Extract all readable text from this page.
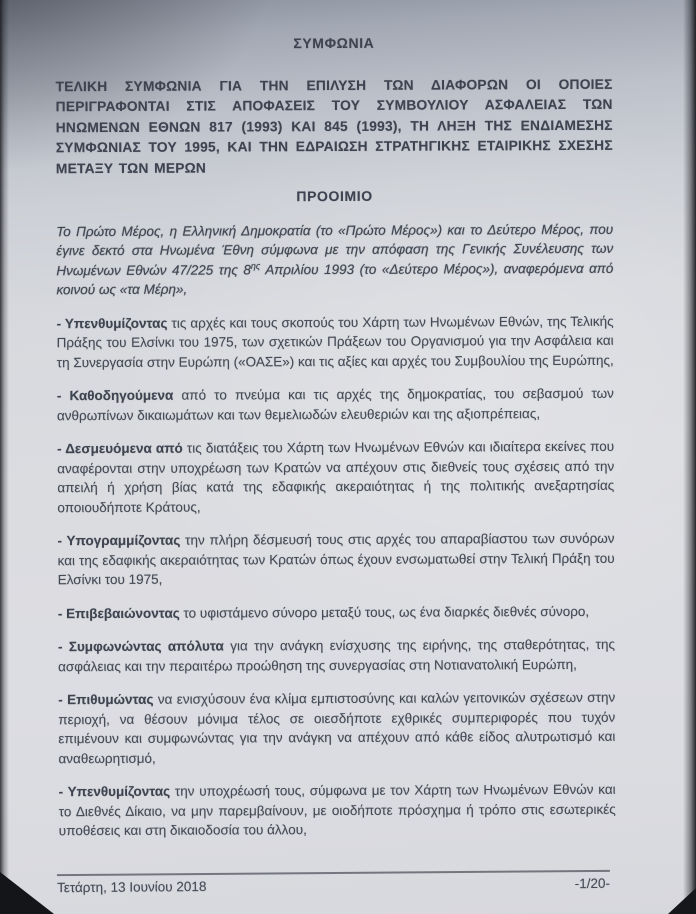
ΣΥΜΦΩΝΙΑ
ΤΕΛΙΚΗ ΣΥΜΦΩΝΙΑ ΓΙΑ ΤΗΝ ΕΠΙΛΥΣΗ ΤΩΝ ΔΙΑΦΟΡΩΝ ΟΙ ΟΠΟΙΕΣ ΠΕΡΙΓΡΑΦΟΝΤΑΙ ΣΤΙΣ ΑΠΟΦΑΣΕΙΣ ΤΟΥ ΣΥΜΒΟΥΛΙΟΥ ΑΣΦΑΛΕΙΑΣ ΤΩΝ ΗΝΩΜΕΝΩΝ ΕΘΝΩΝ 817 (1993) ΚΑΙ 845 (1993), ΤΗ ΛΗΞΗ ΤΗΣ ΕΝΔΙΑΜΕΣΗΣ ΣΥΜΦΩΝΙΑΣ ΤΟΥ 1995, ΚΑΙ ΤΗΝ ΕΔΡΑΙΩΣΗ ΣΤΡΑΤΗΓΙΚΗΣ ΕΤΑΙΡΙΚΗΣ ΣΧΕΣΗΣ ΜΕΤΑΞΥ ΤΩΝ ΜΕΡΩΝ
ΠΡΟΟΙΜΙΟ

Το Πρώτο Μέρος, η Ελληνική Δημοκρατία (το «Πρώτο Μέρος») και το Δεύτερο Μέρος, που έγινε δεκτό στα Ηνωμένα Έθνη σύμφωνα με την απόφαση της Γενικής Συνέλευσης των Ηνωμένων Εθνών 47/225 της $8^{\eta\varsigma}$ Απριλίου 1993 (το «Δεύτερο Μέρος»), αναφερόμενα από κοινού ως «τα Μέρη»,

- Υπενθυμίζοντας τις αρχές και τους σκοπούς του Χάρτη των Ηνωμένων Εθνών, της Τελικής Πράξης του Ελσίνκι του 1975, των σχετικών Πράξεων του Οργανισμού για την Ασφάλεια και τη Συνεργασία στην Ευρώπη («ΟΑΣΕ») και τις αξίες και αρχές του Συμβουλίου της Ευρώπης,

- Καθοδηγούμενα από το πνεύμα και τις αρχές της δημοκρατίας, του σεβασμού των ανθρωπίνων δικαιωμάτων και των θεμελιωδών ελευθεριών και της αξιοπρέπειας,

- Δεσμευόμενα από τις διατάξεις του Χάρτη των Ηνωμένων Εθνών και ιδιαίτερα εκείνες που αναφέρονται στην υποχρέωση των Κρατών να απέχουν στις διεθνείς τους σχέσεις από την απειλή ή χρήση βίας κατά της εδαφικής ακεραιότητας ή της πολιτικής ανεξαρτησίας οποιουδήποτε Κράτους,

- Υπογραμμίζοντας την πλήρη δέσμευσή τους στις αρχές του απαραβίαστου των συνόρων και της εδαφικής ακεραιότητας των Κρατών όπως έχουν ενσωματωθεί στην Τελική Πράξη του Ελσίνκι του 1975,

- Επιβεβαιώνοντας το υφιστάμενο σύνορο μεταξύ τους, ως ένα διαρκές διεθνές σύνορο,

- Συμφωνώντας απόλυτα για την ανάγκη ενίσχυσης της ειρήνης, της σταθερότητας, της ασφάλειας και την περαιτέρω προώθηση της συνεργασίας στη Νοτιανατολική Ευρώπη,

- Επιθυμώντας να ενισχύσουν ένα κλίμα εμπιστοσύνης και καλών γειτονικών σχέσεων στην περιοχή, να θέσουν μόνιμα τέλος σε οιεσδήποτε εχθρικές συμπεριφορές που τυχόν επιμένουν και συμφωνώντας για την ανάγκη να απέχουν από κάθε είδος αλυτρωτισμό και αναθεωρητισμό,

- Υπενθυμίζοντας την υποχρέωσή τους, σύμφωνα με τον Χάρτη των Ηνωμένων Εθνών και το Διεθνές Δίκαιο, να μην παρεμβαίνουν, με οιοδήποτε πρόσχημα ή τρόπο στις εσωτερικές υποθέσεις και στη δικαιοδοσία του άλλου,

Τετάρτη, 13 Ιουνίου 2018	-1/20-
